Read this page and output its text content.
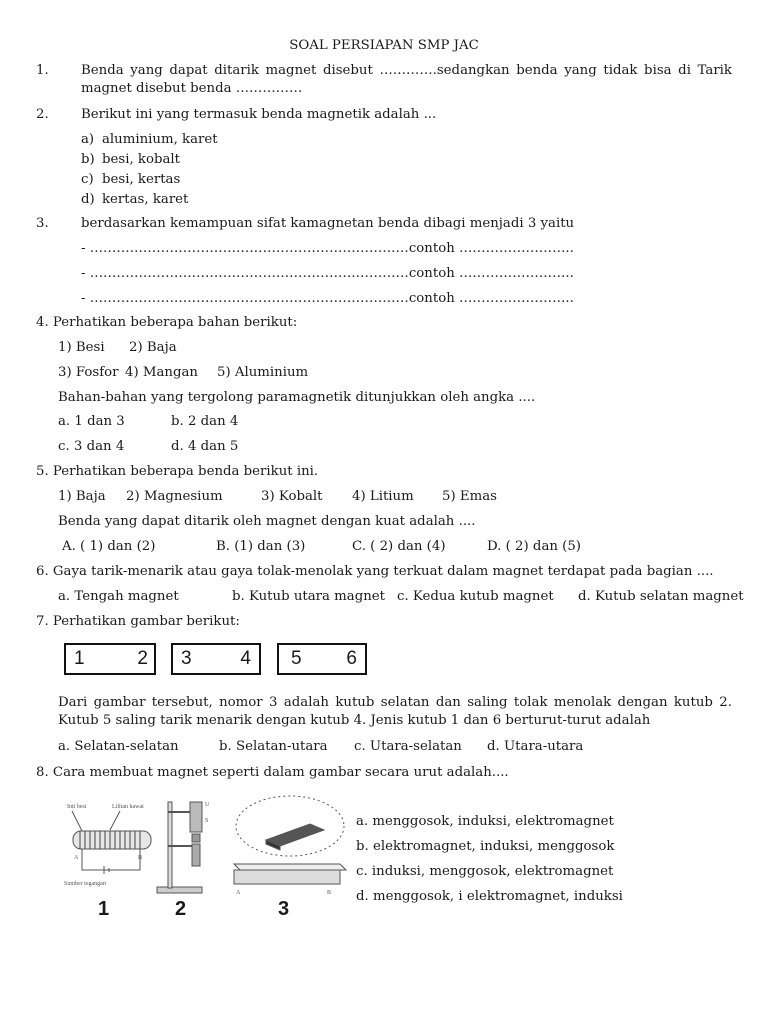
SOAL PERSIAPAN SMP JAC
1. Benda yang dapat ditarik magnet disebut ………….sedangkan benda yang tidak bisa di Tarik magnet disebut benda ……………
2. Berikut ini yang termasuk benda magnetik adalah ...
a) aluminium, karet
b) besi, kobalt
c) besi, kertas
d) kertas, karet
3. berdasarkan kemampuan sifat kamagnetan benda dibagi menjadi 3 yaitu
- ………………………………………………………………contoh ……………………..
- ………………………………………………………………contoh ……………………..
- ………………………………………………………………contoh ……………………..
4. Perhatikan beberapa bahan berikut:
1) Besi 2) Baja
3) Fosfor 4) Mangan 5) Aluminium
Bahan-bahan yang tergolong paramagnetik ditunjukkan oleh angka ....
a. 1 dan 3	b. 2 dan 4
c. 3 dan 4	d. 4 dan 5
5. Perhatikan beberapa benda berikut ini.
1) Baja 2) Magnesium	3) Kobalt 4) Litium 5) Emas
Benda yang dapat ditarik oleh magnet dengan kuat adalah ....
A. ( 1) dan (2)	B. (1) dan (3)	C. ( 2) dan (4)	D. ( 2) dan (5)
6. Gaya tarik-menarik atau gaya tolak-menolak yang terkuat dalam magnet terdapat pada bagian ....
a. Tengah magnet	b. Kutub utara magnet c. Kedua kutub magnet d. Kutub selatan magnet
7. Perhatikan gambar berikut:
1	2 3	4 5 6
Dari gambar tersebut, nomor 3 adalah kutub selatan dan saling tolak menolak dengan kutub 2. Kutub 5 saling tarik menarik dengan kutub 4. Jenis kutub 1 dan 6 berturut-turut adalah
a. Selatan-selatan	b. Selatan-utara c. Utara-selatan d. Utara-utara
8. Cara membuat magnet seperti dalam gambar secara urut adalah....
Inti besi	Lilitan kawat
A	B
Sumber tegangan
U
S
A	B
1	2	3
a. menggosok, induksi, elektromagnet
b. elektromagnet, induksi, menggosok
c. induksi, menggosok, elektromagnet
d. menggosok, i elektromagnet, induksi
